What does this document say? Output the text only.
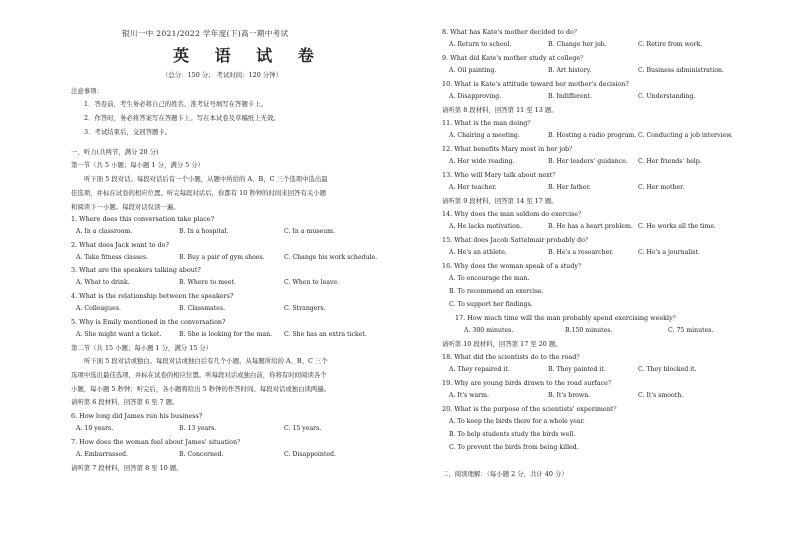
银川一中 2021/2022 学年度(下)高一期中考试
英 语 试 卷
（总分：150 分； 考试时间：120 分钟）
注意事项：
1．答卷前，考生务必将自己的姓名、准考证号填写在答题卡上。
2．作答时，务必将答案写在答题卡上。写在本试卷及草稿纸上无效。
3．考试结束后，交回答题卡。
一、听力(共两节，满分 20 分)
第一节（共 5 小题；每小题 1 分，满分 5 分）
听下面 5 段对话。每段对话后有一个小题，从题中所给的 A、B、C 三个选项中选出最
佳选项，并标在试卷的相应位置。听完每段对话后，你都有 10 秒钟的时间来回答有关小题
和阅读下一小题。每段对话仅读一遍。
1. Where does this conversation take place?
A. In a classroom.	B. In a hospital.	C. In a museum.
2. What does Jack want to do?
A. Take fitness classes.	B. Buy a pair of gym shoes.	C. Change his work schedule.
3. What are the speakers talking about?
A. What to drink.	B. Where to meet.	C. When to leave.
4. What is the relationship between the speakers?
A. Colleagues.	B. Classmates.	C. Strangers.
5. Why is Emily mentioned in the conversation?
A. She might want a ticket.	B. She is looking for the man. C. She has an extra ticket.
第二节（共 15 小题；每小题 1 分，满分 15 分）
听下面 5 段对话或独白。每段对话或独白后有几个小题，从每题所给的 A、B、C 三个
选项中选出最佳选项，并标在试卷的相应位置。听每段对话或独白前，你将有时间阅读各个
小题，每小题 5 秒钟；听完后，各小题将给出 5 秒钟的作答时间。每段对话或独白读两遍。
请听第 6 段材料，回答第 6 至 7 题。
6. How long did James run his business?
A. 10 years.	B. 13 years.	C. 15 years.
7. How does the woman feel about James' situation？
A. Embarrassed.	B. Concerned.	C. Disappointed.
请听第 7 段材料，回答第 8 至 10 题。
8. What has Kate's mother decided to do？
A. Return to school.	B. Change her job.	C. Retire from work.
9. What did Kate's mother study at college？
A. Oil painting.	B. Art history.	C. Business administration.
10. What is Kate's attitude toward her mother's decision?
A. Disapproving.	B. Indifferent.	C. Understanding.
请听第 8 段材料，回答第 11 至 13 题。
11. What is the man doing？
A. Chairing a meeting.	B. Hosting a radio program. C. Conducting a job interview.
12. What benefits Mary most in her job？
A. Her wide reading.	B. Her leaders' guidance. C. Her friends' help.
13. Who will Mary talk about next？
A. Her teacher.	B. Her father.	C. Her mother.
请听第 9 段材料，回答第 14 至 17 题。
14. Why does the man seldom do exercise？
A. He lacks motivation.	B. He has a heart problem. C. He works all the time.
15. What does Jacob Sattelmair probably do？
A. He's an athlete.	B. He's a researcher.	C. He's a journalist.
16. Why does the woman speak of a study？
A. To encourage the man.
B. To recommend an exercise.
C. To support her findings.
17. How much time will the man probably spend exercising weekly？
A. 300 minutes.	B.150 minutes.	C. 75 minutes.
请听第 10 段材料，回答第 17 至 20 题。
18. What did the scientists do to the road？
A. They repaired it.	B. They painted it.	C. They blocked it.
19. Why are young birds drawn to the road surface？
A. It's warm.	B. It's brown.	C. It's smooth.
20. What is the purpose of the scientists' experiment？
A. To keep the birds there for a whole year.
B. To help students study the birds well.
C. To prevent the birds from being killed.
二、阅读理解：（每小题 2 分，共计 40 分）
